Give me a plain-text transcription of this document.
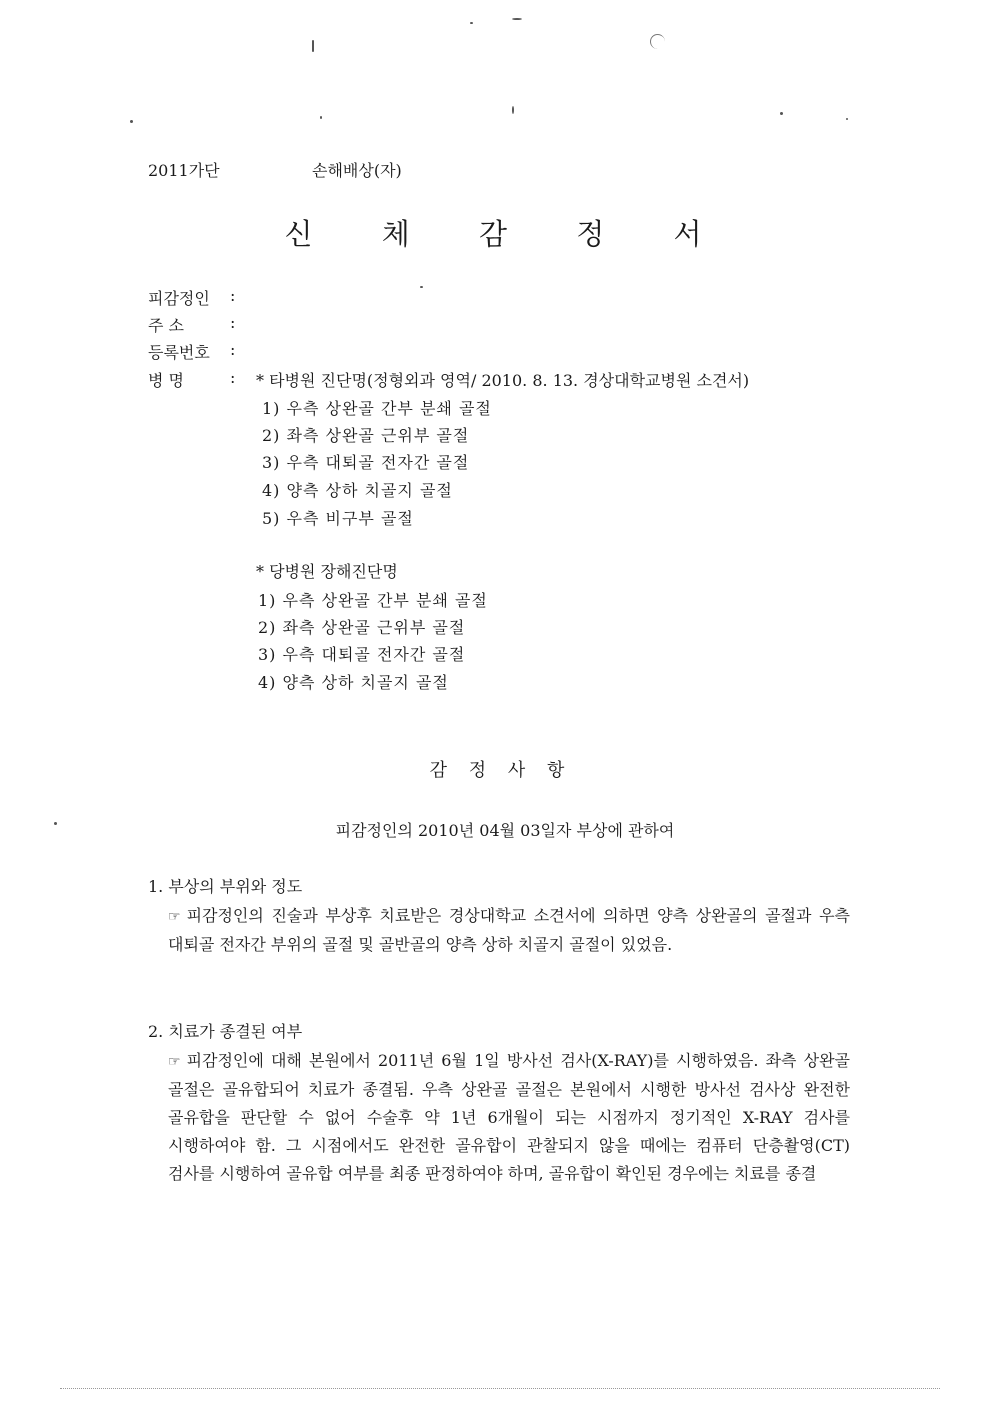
2011가단	손해배상(자)
신 체 감 정 서
피감정인 :
주 소	:
등록번호 :
병 명	: * 타병원 진단명(정형외과 영역/ 2010. 8. 13. 경상대학교병원 소견서)
1) 우측 상완골 간부 분쇄 골절
2) 좌측 상완골 근위부 골절
3) 우측 대퇴골 전자간 골절
4) 양측 상하 치골지 골절
5) 우측 비구부 골절
* 당병원 장해진단명
1) 우측 상완골 간부 분쇄 골절
2) 좌측 상완골 근위부 골절
3) 우측 대퇴골 전자간 골절
4) 양측 상하 치골지 골절
감 정 사 항
피감정인의 2010년 04월 03일자 부상에 관하여
1. 부상의 부위와 정도
☞ 피감정인의 진술과 부상후 치료받은 경상대학교 소견서에 의하면 양측 상완골의 골절과 우측 대퇴골 전자간 부위의 골절 및 골반골의 양측 상하 치골지 골절이 있었음.
2. 치료가 종결된 여부
☞ 피감정인에 대해 본원에서 2011년 6월 1일 방사선 검사(X-RAY)를 시행하였음. 좌측 상완골 골절은 골유합되어 치료가 종결됨. 우측 상완골 골절은 본원에서 시행한 방사선 검사상 완전한 골유합을 판단할 수 없어 수술후 약 1년 6개월이 되는 시점까지 정기적인 X-RAY 검사를 시행하여야 함. 그 시점에서도 완전한 골유합이 관찰되지 않을 때에는 컴퓨터 단층촬영(CT) 검사를 시행하여 골유합 여부를 최종 판정하여야 하며, 골유합이 확인된 경우에는 치료를 종결
